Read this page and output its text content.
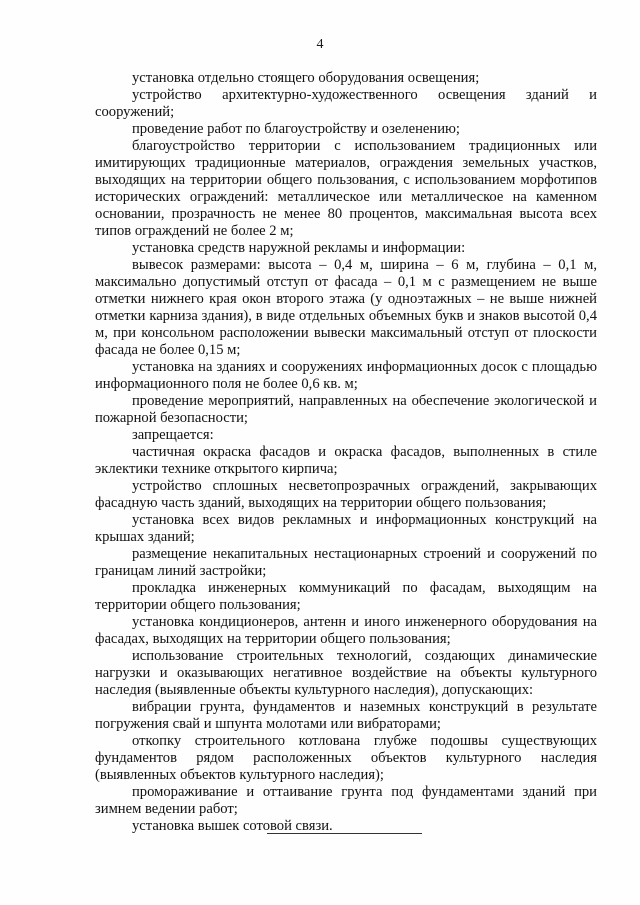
4

установка отдельно стоящего оборудования освещения;

устройство архитектурно-художественного освещения зданий и сооружений;

проведение работ по благоустройству и озеленению;

благоустройство территории с использованием традиционных или имитирующих традиционные материалов, ограждения земельных участков, выходящих на территории общего пользования, с использованием морфотипов исторических ограждений: металлическое или металлическое на каменном основании, прозрачность не менее 80 процентов, максимальная высота всех типов ограждений не более 2 м;

установка средств наружной рекламы и информации:

вывесок размерами: высота – 0,4 м, ширина – 6 м, глубина – 0,1 м, максимально допустимый отступ от фасада – 0,1 м с размещением не выше отметки нижнего края окон второго этажа (у одноэтажных – не выше нижней отметки карниза здания), в виде отдельных объемных букв и знаков высотой 0,4 м, при консольном расположении вывески максимальный отступ от плоскости фасада не более 0,15 м;

установка на зданиях и сооружениях информационных досок с площадью информационного поля не более 0,6 кв. м;

проведение мероприятий, направленных на обеспечение экологической и пожарной безопасности;

запрещается:

частичная окраска фасадов и окраска фасадов, выполненных в стиле эклектики технике открытого кирпича;

устройство сплошных несветопрозрачных ограждений, закрывающих фасадную часть зданий, выходящих на территории общего пользования;

установка всех видов рекламных и информационных конструкций на крышах зданий;

размещение некапитальных нестационарных строений и сооружений по границам линий застройки;

прокладка инженерных коммуникаций по фасадам, выходящим на территории общего пользования;

установка кондиционеров, антенн и иного инженерного оборудования на фасадах, выходящих на территории общего пользования;

использование строительных технологий, создающих динамические нагрузки и оказывающих негативное воздействие на объекты культурного наследия (выявленные объекты культурного наследия), допускающих:

вибрации грунта, фундаментов и наземных конструкций в результате погружения свай и шпунта молотами или вибраторами;

откопку строительного котлована глубже подошвы существующих фундаментов рядом расположенных объектов культурного наследия (выявленных объектов культурного наследия);

промораживание и оттаивание грунта под фундаментами зданий при зимнем ведении работ;

установка вышек сотовой связи.
